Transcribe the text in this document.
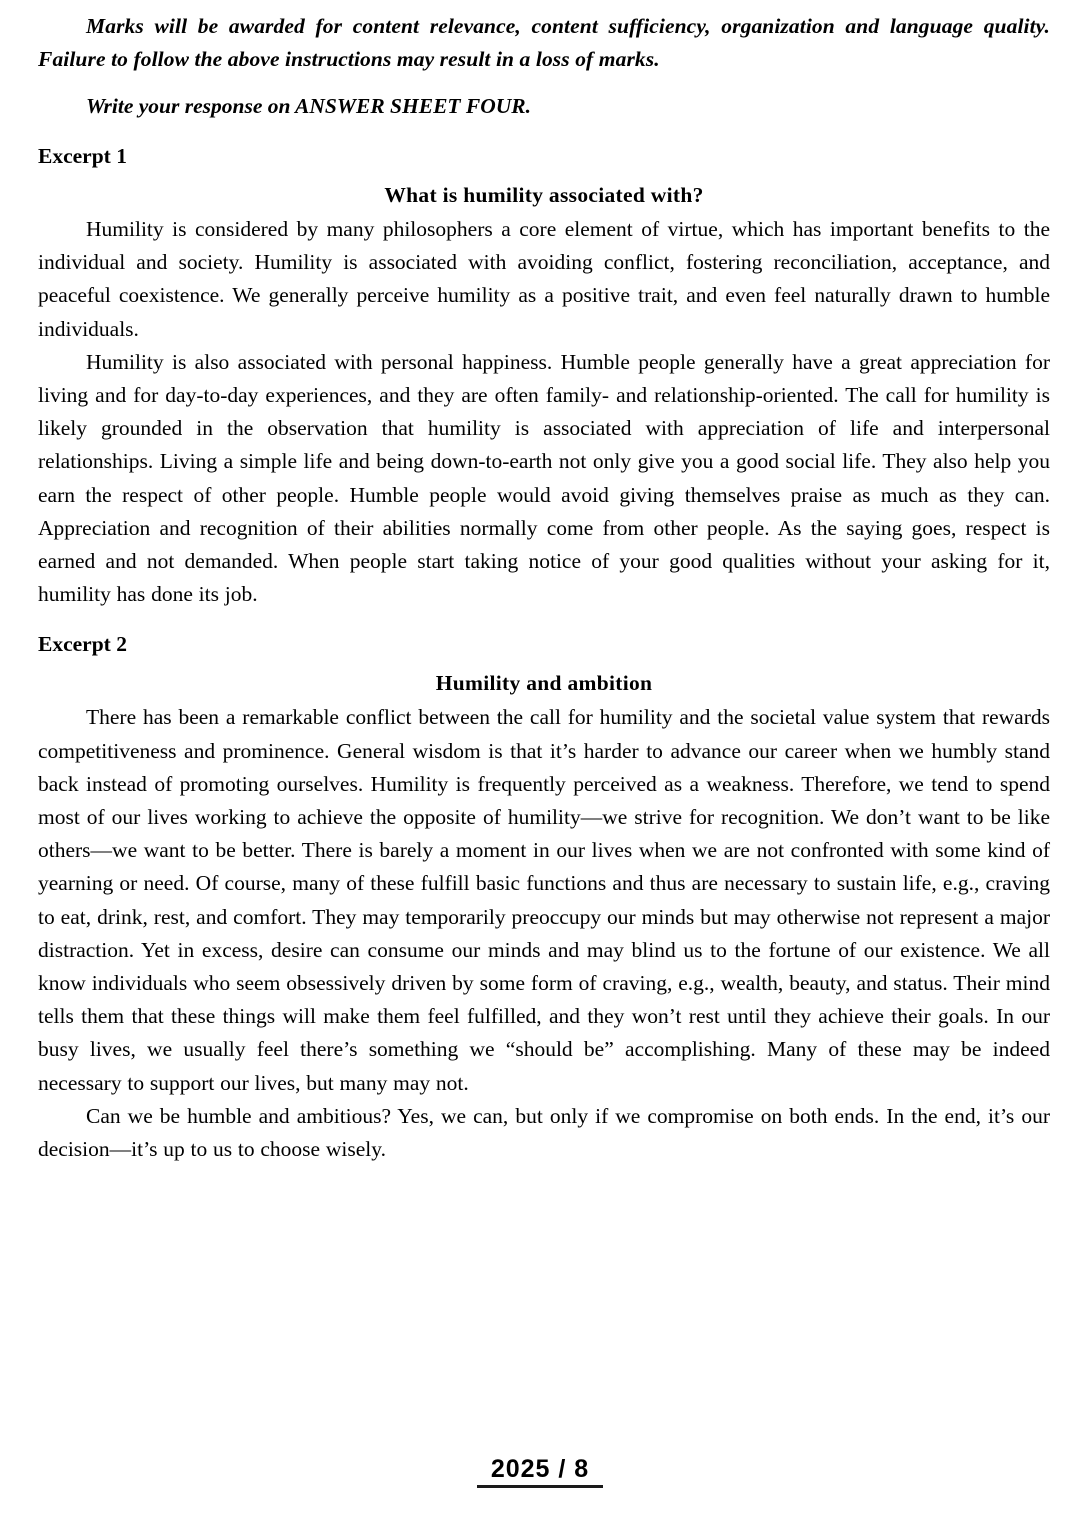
Marks will be awarded for content relevance, content sufficiency, organization and language quality. Failure to follow the above instructions may result in a loss of marks.

Write your response on ANSWER SHEET FOUR.

Excerpt 1

What is humility associated with?

Humility is considered by many philosophers a core element of virtue, which has important benefits to the individual and society. Humility is associated with avoiding conflict, fostering reconciliation, acceptance, and peaceful coexistence. We generally perceive humility as a positive trait, and even feel naturally drawn to humble individuals.

Humility is also associated with personal happiness. Humble people generally have a great appreciation for living and for day-to-day experiences, and they are often family- and relationship-oriented. The call for humility is likely grounded in the observation that humility is associated with appreciation of life and interpersonal relationships. Living a simple life and being down-to-earth not only give you a good social life. They also help you earn the respect of other people. Humble people would avoid giving themselves praise as much as they can. Appreciation and recognition of their abilities normally come from other people. As the saying goes, respect is earned and not demanded. When people start taking notice of your good qualities without your asking for it, humility has done its job.

Excerpt 2

Humility and ambition

There has been a remarkable conflict between the call for humility and the societal value system that rewards competitiveness and prominence. General wisdom is that it’s harder to advance our career when we humbly stand back instead of promoting ourselves. Humility is frequently perceived as a weakness. Therefore, we tend to spend most of our lives working to achieve the opposite of humility—we strive for recognition. We don’t want to be like others—we want to be better. There is barely a moment in our lives when we are not confronted with some kind of yearning or need. Of course, many of these fulfill basic functions and thus are necessary to sustain life, e.g., craving to eat, drink, rest, and comfort. They may temporarily preoccupy our minds but may otherwise not represent a major distraction. Yet in excess, desire can consume our minds and may blind us to the fortune of our existence. We all know individuals who seem obsessively driven by some form of craving, e.g., wealth, beauty, and status. Their mind tells them that these things will make them feel fulfilled, and they won’t rest until they achieve their goals. In our busy lives, we usually feel there’s something we “should be” accomplishing. Many of these may be indeed necessary to support our lives, but many may not.

Can we be humble and ambitious? Yes, we can, but only if we compromise on both ends. In the end, it’s our decision—it’s up to us to choose wisely.

2025 / 8
